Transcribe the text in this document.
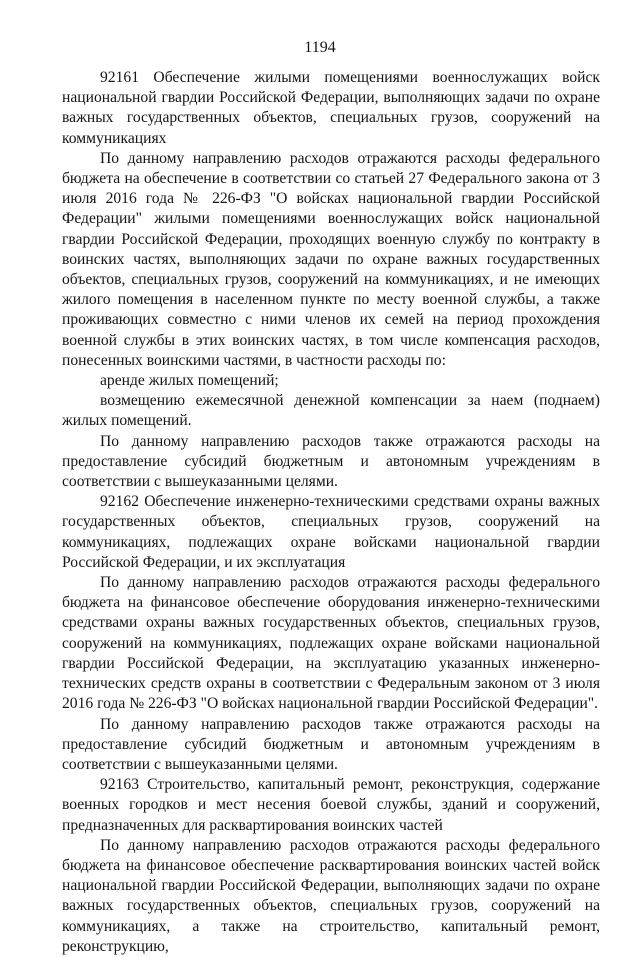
1194

92161 Обеспечение жилыми помещениями военнослужащих войск национальной гвардии Российской Федерации, выполняющих задачи по охране важных государственных объектов, специальных грузов, сооружений на коммуникациях

По данному направлению расходов отражаются расходы федерального бюджета на обеспечение в соответствии со статьей 27 Федерального закона от 3 июля 2016 года № 226-ФЗ "О войсках национальной гвардии Российской Федерации" жилыми помещениями военнослужащих войск национальной гвардии Российской Федерации, проходящих военную службу по контракту в воинских частях, выполняющих задачи по охране важных государственных объектов, специальных грузов, сооружений на коммуникациях, и не имеющих жилого помещения в населенном пункте по месту военной службы, а также проживающих совместно с ними членов их семей на период прохождения военной службы в этих воинских частях, в том числе компенсация расходов, понесенных воинскими частями, в частности расходы по:

аренде жилых помещений;

возмещению ежемесячной денежной компенсации за наем (поднаем) жилых помещений.

По данному направлению расходов также отражаются расходы на предоставление субсидий бюджетным и автономным учреждениям в соответствии с вышеуказанными целями.

92162 Обеспечение инженерно-техническими средствами охраны важных государственных объектов, специальных грузов, сооружений на коммуникациях, подлежащих охране войсками национальной гвардии Российской Федерации, и их эксплуатация

По данному направлению расходов отражаются расходы федерального бюджета на финансовое обеспечение оборудования инженерно-техническими средствами охраны важных государственных объектов, специальных грузов, сооружений на коммуникациях, подлежащих охране войсками национальной гвардии Российской Федерации, на эксплуатацию указанных инженерно-технических средств охраны в соответствии с Федеральным законом от 3 июля 2016 года № 226-ФЗ "О войсках национальной гвардии Российской Федерации".

По данному направлению расходов также отражаются расходы на предоставление субсидий бюджетным и автономным учреждениям в соответствии с вышеуказанными целями.

92163 Строительство, капитальный ремонт, реконструкция, содержание военных городков и мест несения боевой службы, зданий и сооружений, предназначенных для расквартирования воинских частей

По данному направлению расходов отражаются расходы федерального бюджета на финансовое обеспечение расквартирования воинских частей войск национальной гвардии Российской Федерации, выполняющих задачи по охране важных государственных объектов, специальных грузов, сооружений на коммуникациях, а также на строительство, капитальный ремонт, реконструкцию,
